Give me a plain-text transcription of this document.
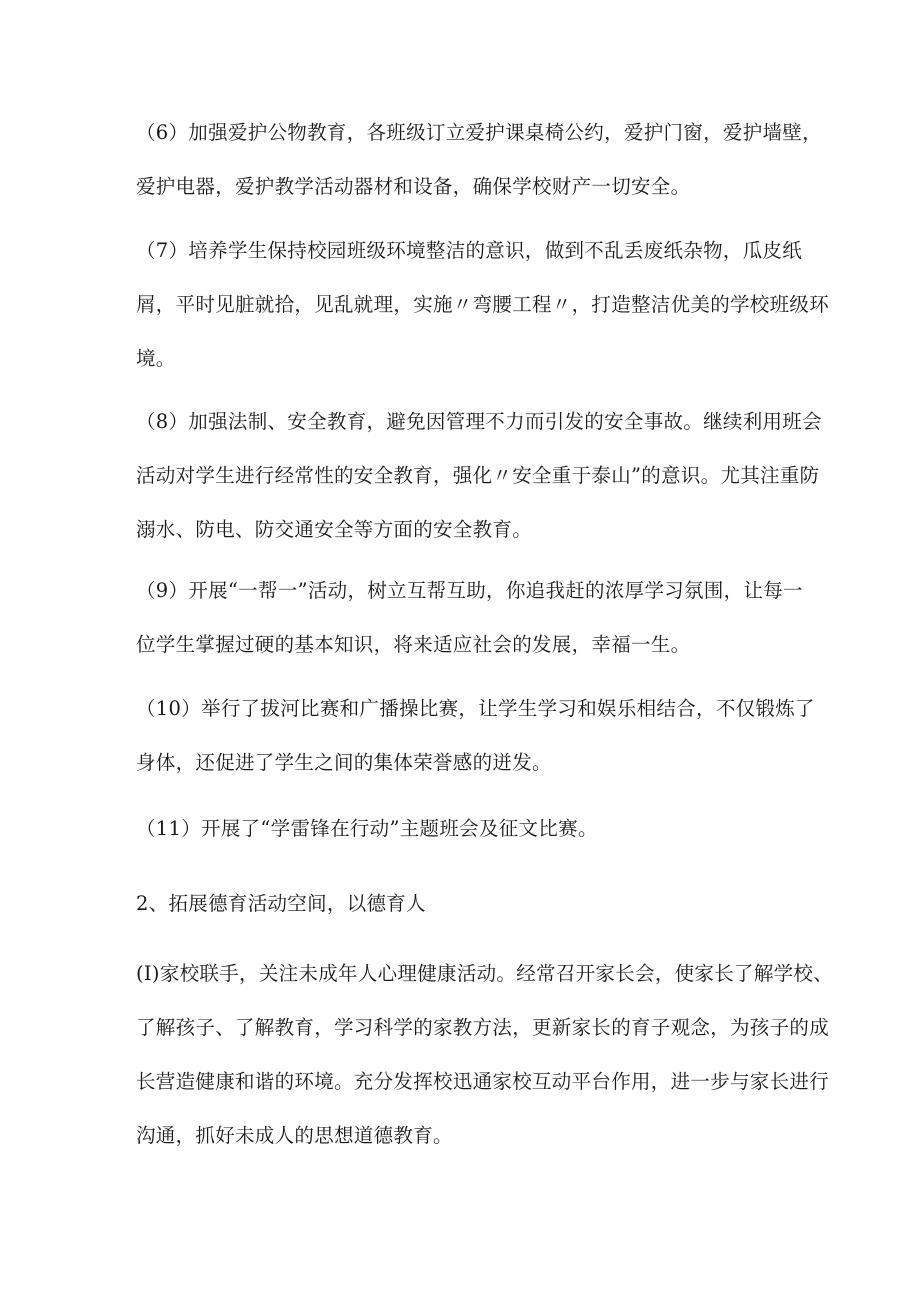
（6）加强爱护公物教育，各班级订立爱护课桌椅公约，爱护门窗，爱护墙壁，
爱护电器，爱护教学活动器材和设备，确保学校财产一切安全。

（7）培养学生保持校园班级环境整洁的意识，做到不乱丢废纸杂物，瓜皮纸
屑，平时见脏就拾，见乱就理，实施〃弯腰工程〃，打造整洁优美的学校班级环
境。

（8）加强法制、安全教育，避免因管理不力而引发的安全事故。继续利用班会
活动对学生进行经常性的安全教育，强化〃安全重于泰山”的意识。尤其注重防
溺水、防电、防交通安全等方面的安全教育。

（9）开展“一帮一”活动，树立互帮互助，你追我赶的浓厚学习氛围，让每一
位学生掌握过硬的基本知识，将来适应社会的发展，幸福一生。

（10）举行了拔河比赛和广播操比赛，让学生学习和娱乐相结合，不仅锻炼了
身体，还促进了学生之间的集体荣誉感的迸发。

（11）开展了“学雷锋在行动”主题班会及征文比赛。

2、拓展德育活动空间，以德育人

(I)家校联手，关注未成年人心理健康活动。经常召开家长会，使家长了解学校、
了解孩子、了解教育，学习科学的家教方法，更新家长的育子观念，为孩子的成
长营造健康和谐的环境。充分发挥校迅通家校互动平台作用，进一步与家长进行
沟通，抓好未成人的思想道德教育。
